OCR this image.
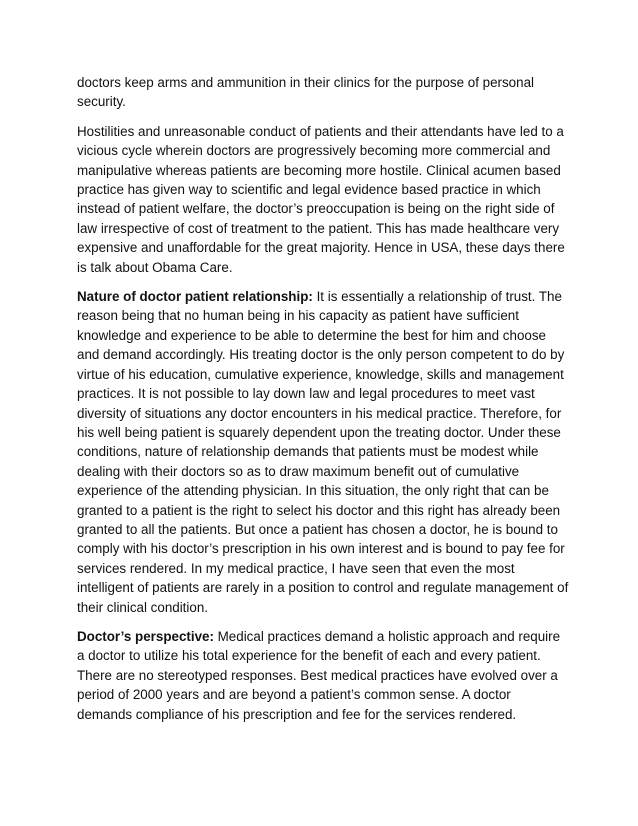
doctors keep arms and ammunition in their clinics for the purpose of personal security.

Hostilities and unreasonable conduct of patients and their attendants have led to a vicious cycle wherein doctors are progressively becoming more commercial and manipulative whereas patients are becoming more hostile. Clinical acumen based practice has given way to scientific and legal evidence based practice in which instead of patient welfare, the doctor’s preoccupation is being on the right side of law irrespective of cost of treatment to the patient. This has made healthcare very expensive and unaffordable for the great majority. Hence in USA, these days there is talk about Obama Care.

Nature of doctor patient relationship: It is essentially a relationship of trust. The reason being that no human being in his capacity as patient have sufficient knowledge and experience to be able to determine the best for him and choose and demand accordingly. His treating doctor is the only person competent to do by virtue of his education, cumulative experience, knowledge, skills and management practices. It is not possible to lay down law and legal procedures to meet vast diversity of situations any doctor encounters in his medical practice. Therefore, for his well being patient is squarely dependent upon the treating doctor. Under these conditions, nature of relationship demands that patients must be modest while dealing with their doctors so as to draw maximum benefit out of cumulative experience of the attending physician. In this situation, the only right that can be granted to a patient is the right to select his doctor and this right has already been granted to all the patients. But once a patient has chosen a doctor, he is bound to comply with his doctor’s prescription in his own interest and is bound to pay fee for services rendered. In my medical practice, I have seen that even the most intelligent of patients are rarely in a position to control and regulate management of their clinical condition.

Doctor’s perspective: Medical practices demand a holistic approach and require a doctor to utilize his total experience for the benefit of each and every patient. There are no stereotyped responses. Best medical practices have evolved over a period of 2000 years and are beyond a patient’s common sense. A doctor demands compliance of his prescription and fee for the services rendered.
